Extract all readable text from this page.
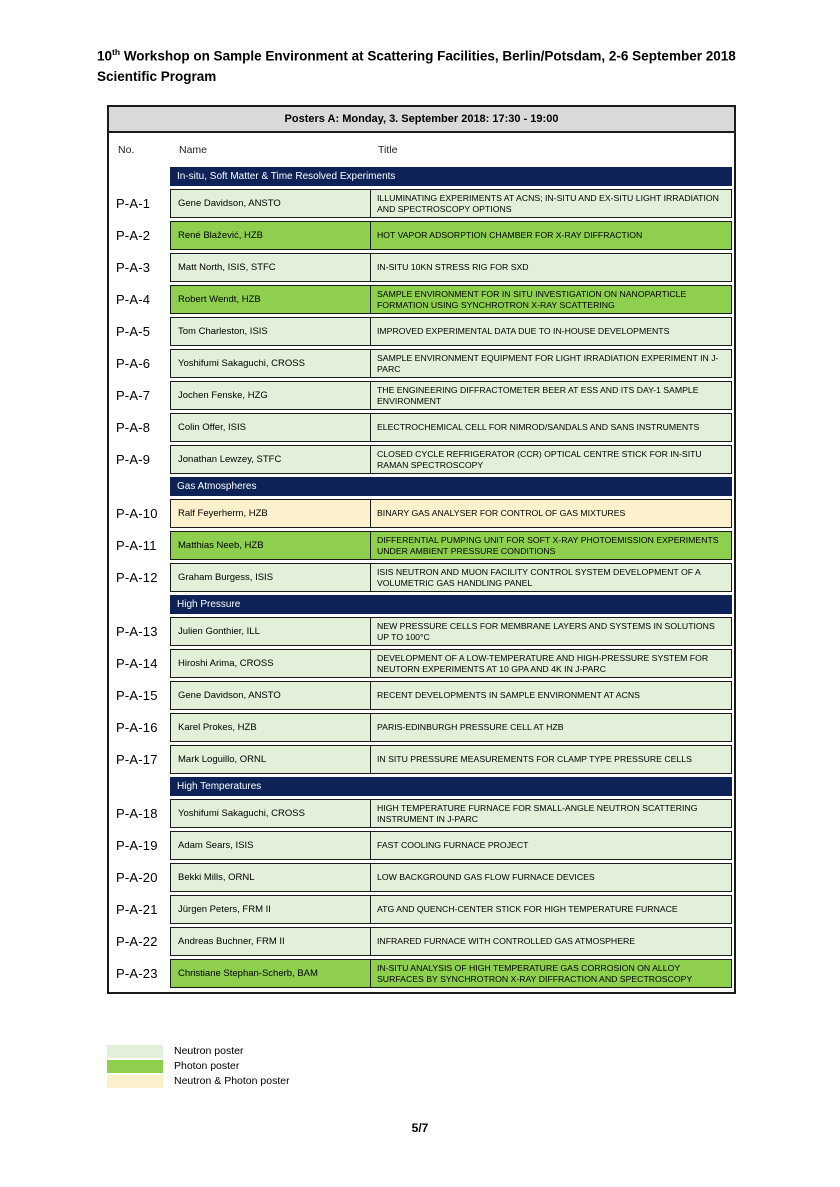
10th Workshop on Sample Environment at Scattering Facilities, Berlin/Potsdam, 2-6 September 2018
Scientific Program
Posters A: Monday, 3. September 2018: 17:30 - 19:00
No.	Name	Title
In-situ, Soft Matter & Time Resolved Experiments
P-A-1	Gene Davidson, ANSTO	ILLUMINATING EXPERIMENTS AT ACNS; IN-SITU AND EX-SITU LIGHT IRRADIATION AND SPECTROSCOPY OPTIONS
P-A-2	René Blažević, HZB	HOT VAPOR ADSORPTION CHAMBER FOR X-RAY DIFFRACTION
P-A-3	Matt North, ISIS, STFC	IN-SITU 10KN STRESS RIG FOR SXD
P-A-4	Robert Wendt, HZB	SAMPLE ENVIRONMENT FOR IN SITU INVESTIGATION ON NANOPARTICLE FORMATION USING SYNCHROTRON X-RAY SCATTERING
P-A-5	Tom Charleston, ISIS	IMPROVED EXPERIMENTAL DATA DUE TO IN-HOUSE DEVELOPMENTS
P-A-6	Yoshifumi Sakaguchi, CROSS	SAMPLE ENVIRONMENT EQUIPMENT FOR LIGHT IRRADIATION EXPERIMENT IN J-PARC
P-A-7	Jochen Fenske, HZG	THE ENGINEERING DIFFRACTOMETER BEER AT ESS AND ITS DAY-1 SAMPLE ENVIRONMENT
P-A-8	Colin Offer, ISIS	ELECTROCHEMICAL CELL FOR NIMROD/SANDALS AND SANS INSTRUMENTS
P-A-9	Jonathan Lewzey, STFC	CLOSED CYCLE REFRIGERATOR (CCR) OPTICAL CENTRE STICK FOR IN-SITU RAMAN SPECTROSCOPY
Gas Atmospheres
P-A-10	Ralf Feyerherm, HZB	BINARY GAS ANALYSER FOR CONTROL OF GAS MIXTURES
P-A-11	Matthias Neeb, HZB	DIFFERENTIAL PUMPING UNIT FOR SOFT X-RAY PHOTOEMISSION EXPERIMENTS UNDER AMBIENT PRESSURE CONDITIONS
P-A-12	Graham Burgess, ISIS	ISIS NEUTRON AND MUON FACILITY CONTROL SYSTEM DEVELOPMENT OF A VOLUMETRIC GAS HANDLING PANEL
High Pressure
P-A-13	Julien Gonthier, ILL	NEW PRESSURE CELLS FOR MEMBRANE LAYERS AND SYSTEMS IN SOLUTIONS UP TO 100°C
P-A-14	Hiroshi Arima, CROSS	DEVELOPMENT OF A LOW-TEMPERATURE AND HIGH-PRESSURE SYSTEM FOR NEUTORN EXPERIMENTS AT 10 GPA AND 4K IN J-PARC
P-A-15	Gene Davidson, ANSTO	RECENT DEVELOPMENTS IN SAMPLE ENVIRONMENT AT ACNS
P-A-16	Karel Prokes, HZB	PARIS-EDINBURGH PRESSURE CELL AT HZB
P-A-17	Mark Loguillo, ORNL	IN SITU PRESSURE MEASUREMENTS FOR CLAMP TYPE PRESSURE CELLS
High Temperatures
P-A-18	Yoshifumi Sakaguchi, CROSS	HIGH TEMPERATURE FURNACE FOR SMALL-ANGLE NEUTRON SCATTERING INSTRUMENT IN J-PARC
P-A-19	Adam Sears, ISIS	FAST COOLING FURNACE PROJECT
P-A-20	Bekki Mills, ORNL	LOW BACKGROUND GAS FLOW FURNACE DEVICES
P-A-21	Jürgen Peters, FRM II	ATG AND QUENCH-CENTER STICK FOR HIGH TEMPERATURE FURNACE
P-A-22	Andreas Buchner, FRM II	INFRARED FURNACE WITH CONTROLLED GAS ATMOSPHERE
P-A-23	Christiane Stephan-Scherb, BAM	IN-SITU ANALYSIS OF HIGH TEMPERATURE GAS CORROSION ON ALLOY SURFACES BY SYNCHROTRON X-RAY DIFFRACTION AND SPECTROSCOPY
Neutron poster
Photon poster
Neutron & Photon poster
5/7
